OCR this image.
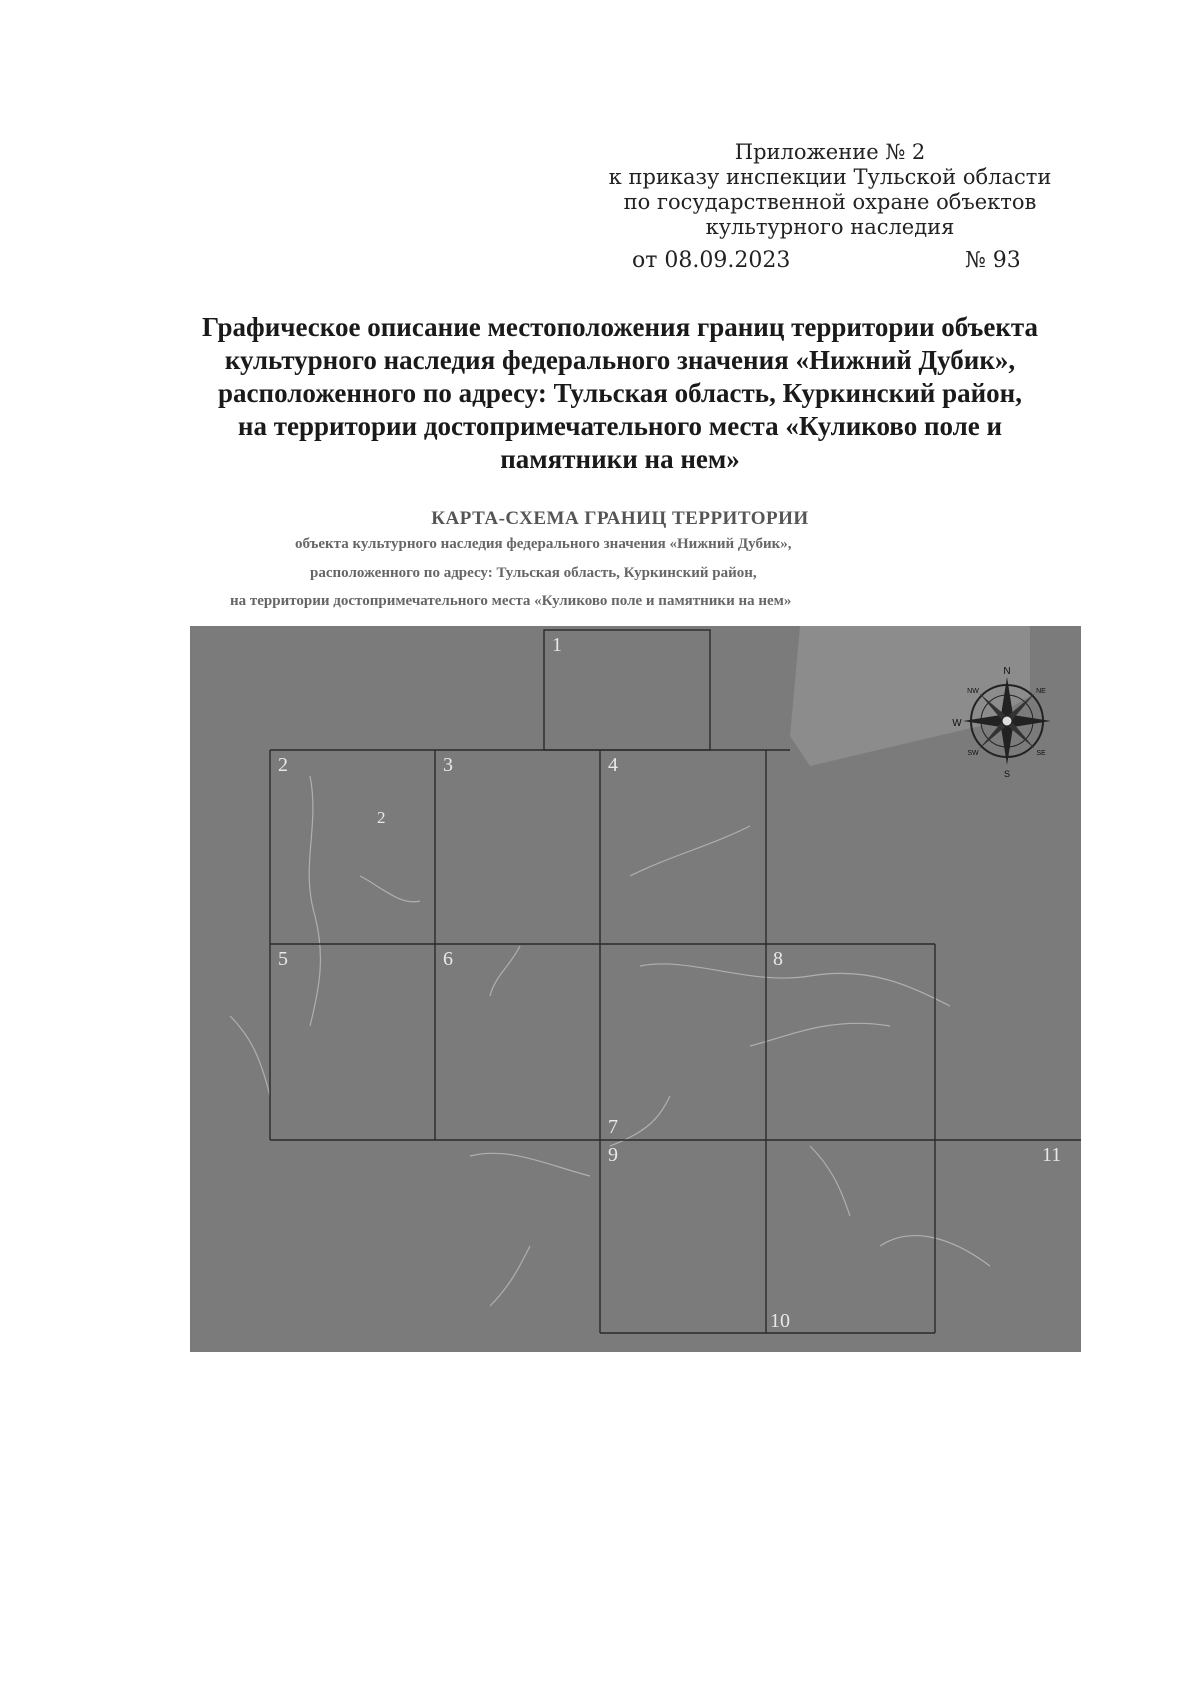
Приложение № 2
к приказу инспекции Тульской области
по государственной охране объектов
культурного наследия
от 08.09.2023	№ 93
Графическое описание местоположения границ территории объекта
культурного наследия федерального значения «Нижний Дубик»,
расположенного по адресу: Тульская область, Куркинский район,
на территории достопримечательного места «Куликово поле и
памятники на нем»
КАРТА-СХЕМА ГРАНИЦ ТЕРРИТОРИИ
объекта культурного наследия федерального значения «Нижний Дубик»,
расположенного по адресу: Тульская область, Куркинский район,
на территории достопримечательного места «Куликово поле и памятники на нем»
N
W
NW	NE
SW	SE
S
1
2	3	4
5	6
7
8
9
10
11
2
